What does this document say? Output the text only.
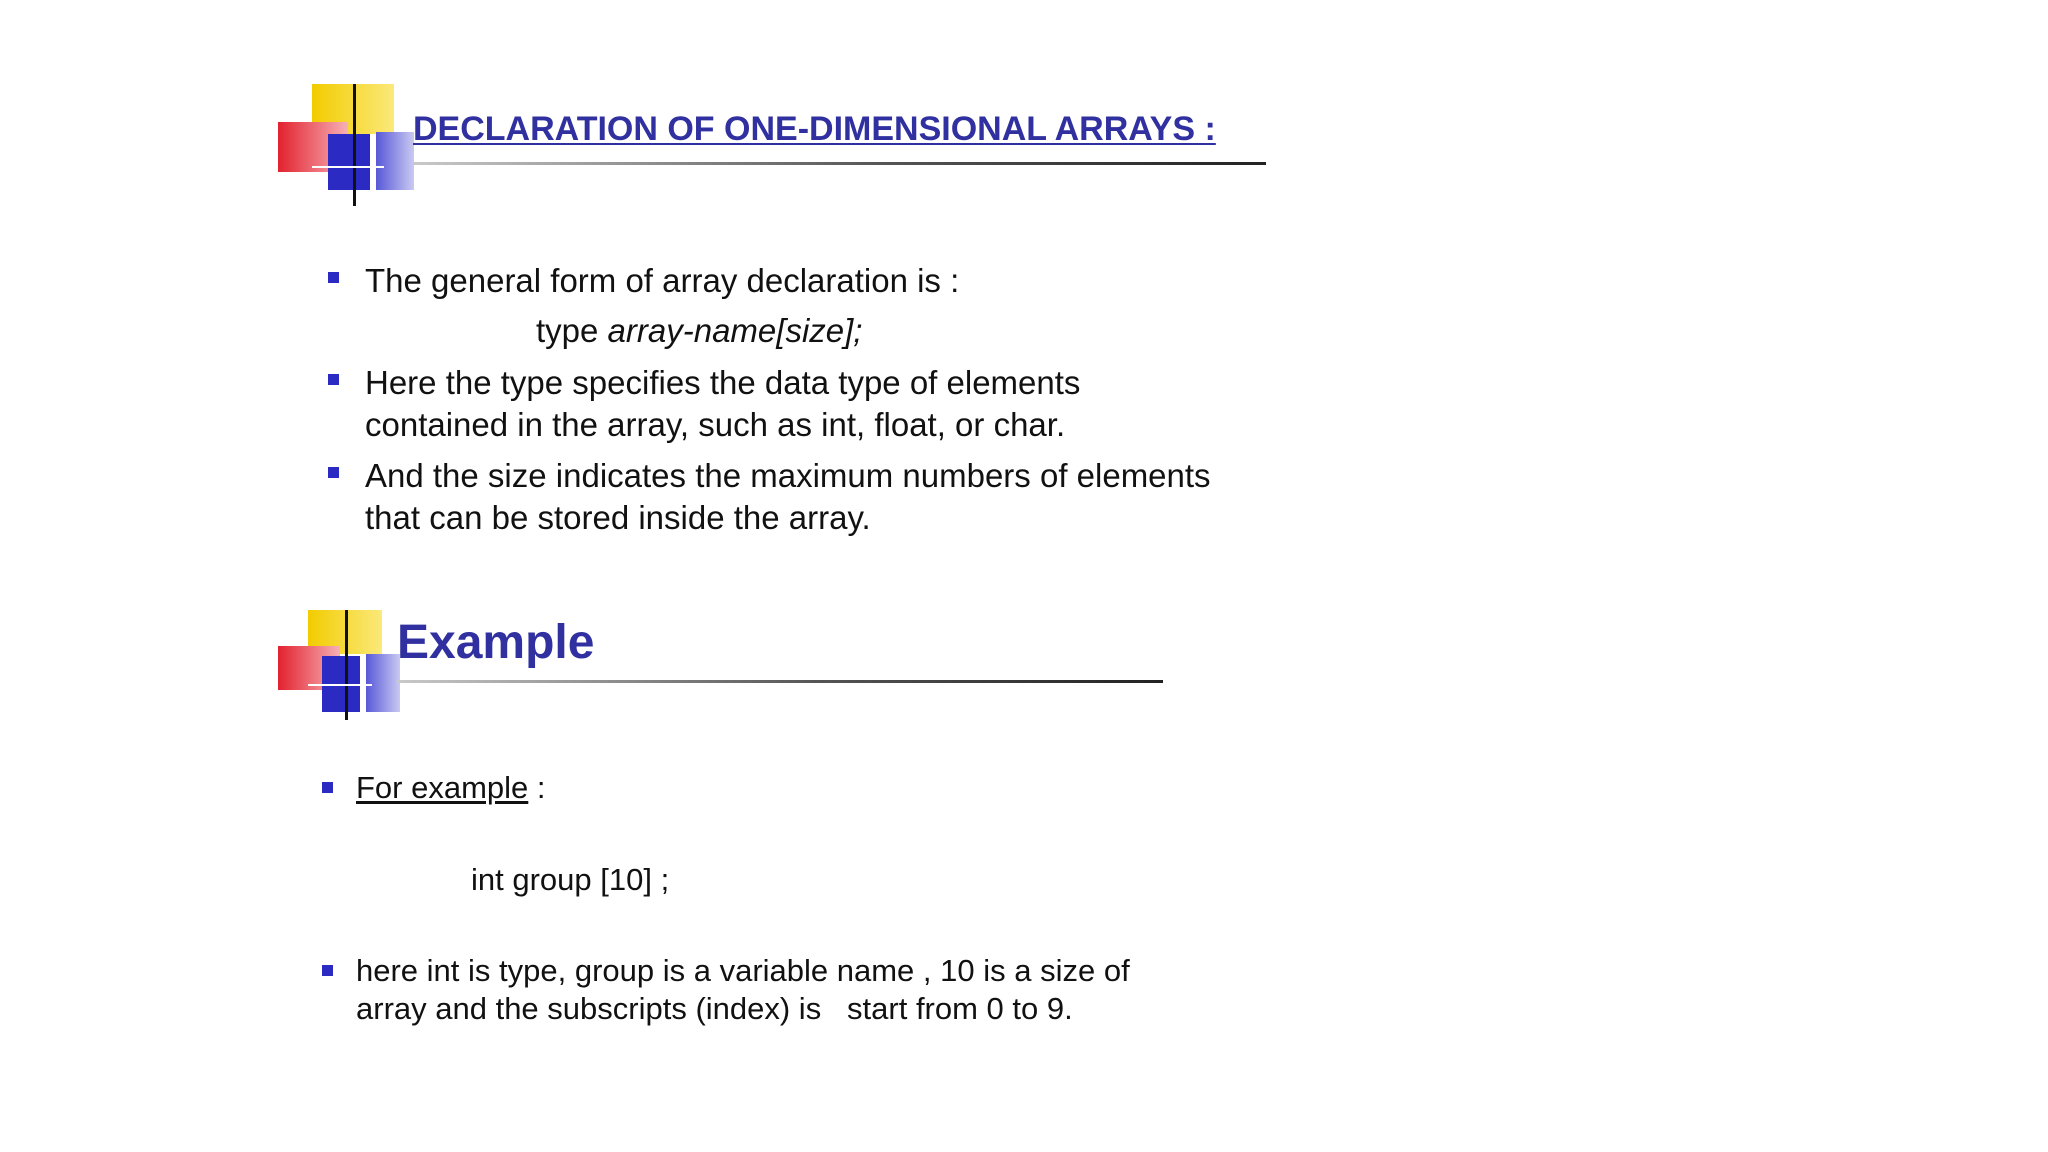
DECLARATION OF ONE-DIMENSIONAL ARRAYS :

The general form of array declaration is :

type array-name[size];

Here the type specifies the data type of elements

contained in the array, such as int, float, or char.

And the size indicates the maximum numbers of elements

that can be stored inside the array.

Example

For example :

int group [10] ;

here int is type, group is a variable name , 10 is a size of

array and the subscripts (index) is   start from 0 to 9.
